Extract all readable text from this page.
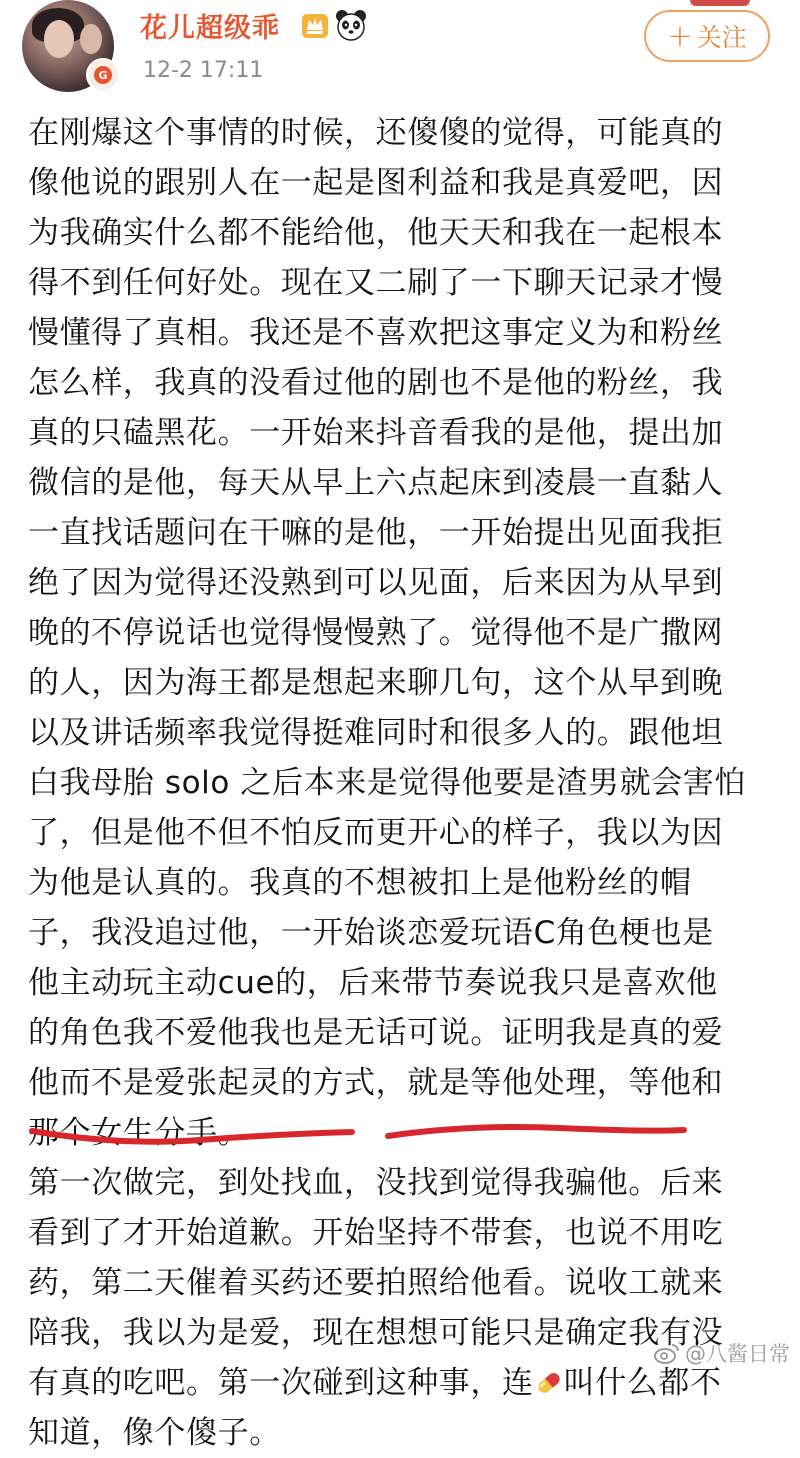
G
花儿超级乖
12-2 17:11
+ 关注
在刚爆这个事情的时候，还傻傻的觉得，可能真的
像他说的跟别人在一起是图利益和我是真爱吧，因
为我确实什么都不能给他，他天天和我在一起根本
得不到任何好处。现在又二刷了一下聊天记录才慢
慢懂得了真相。我还是不喜欢把这事定义为和粉丝
怎么样，我真的没看过他的剧也不是他的粉丝，我
真的只磕黑花。一开始来抖音看我的是他，提出加
微信的是他，每天从早上六点起床到凌晨一直黏人
一直找话题问在干嘛的是他，一开始提出见面我拒
绝了因为觉得还没熟到可以见面，后来因为从早到
晚的不停说话也觉得慢慢熟了。觉得他不是广撒网
的人，因为海王都是想起来聊几句，这个从早到晚
以及讲话频率我觉得挺难同时和很多人的。跟他坦
白我母胎 solo 之后本来是觉得他要是渣男就会害怕
了，但是他不但不怕反而更开心的样子，我以为因
为他是认真的。我真的不想被扣上是他粉丝的帽
子，我没追过他，一开始谈恋爱玩语C角色梗也是
他主动玩主动cue的，后来带节奏说我只是喜欢他
的角色我不爱他我也是无话可说。证明我是真的爱
他而不是爱张起灵的方式，就是等他处理，等他和
那个女生分手。
第一次做完，到处找血，没找到觉得我骗他。后来
看到了才开始道歉。开始坚持不带套，也说不用吃
药，第二天催着买药还要拍照给他看。说收工就来
陪我，我以为是爱，现在想想可能只是确定我有没
有真的吃吧。第一次碰到这种事，连 叫什么都不
知道，像个傻子。
@八酱日常
